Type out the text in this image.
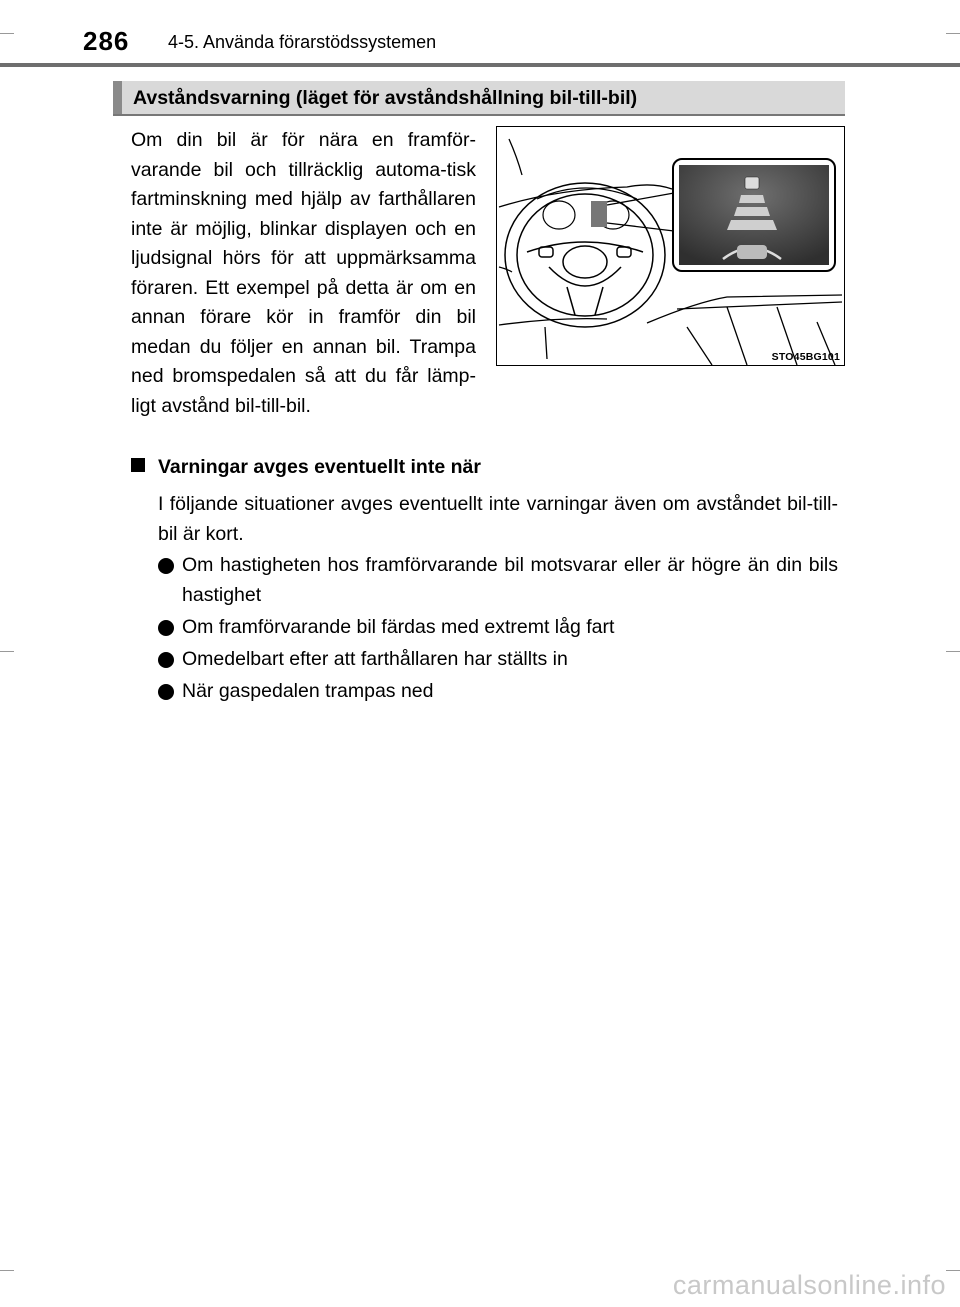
286 4-5. Använda förarstödssystemen
Avståndsvarning (läget för avståndshållning bil-till-bil)

Om din bil är för nära en framför-varande bil och tillräcklig automa-tisk fartminskning med hjälp av farthållaren inte är möjlig, blinkar displayen och en ljudsignal hörs för att uppmärksamma föraren. Ett exempel på detta är om en annan förare kör in framför din bil medan du följer en annan bil. Trampa ned bromspedalen så att du får lämp-ligt avstånd bil-till-bil.

STO45BG101
Varningar avges eventuellt inte när

I följande situationer avges eventuellt inte varningar även om avståndet bil-till-bil är kort.

Om hastigheten hos framförvarande bil motsvarar eller är högre än din bils hastighet
Om framförvarande bil färdas med extremt låg fart
Omedelbart efter att farthållaren har ställts in
När gaspedalen trampas ned
carmanualsonline.info
